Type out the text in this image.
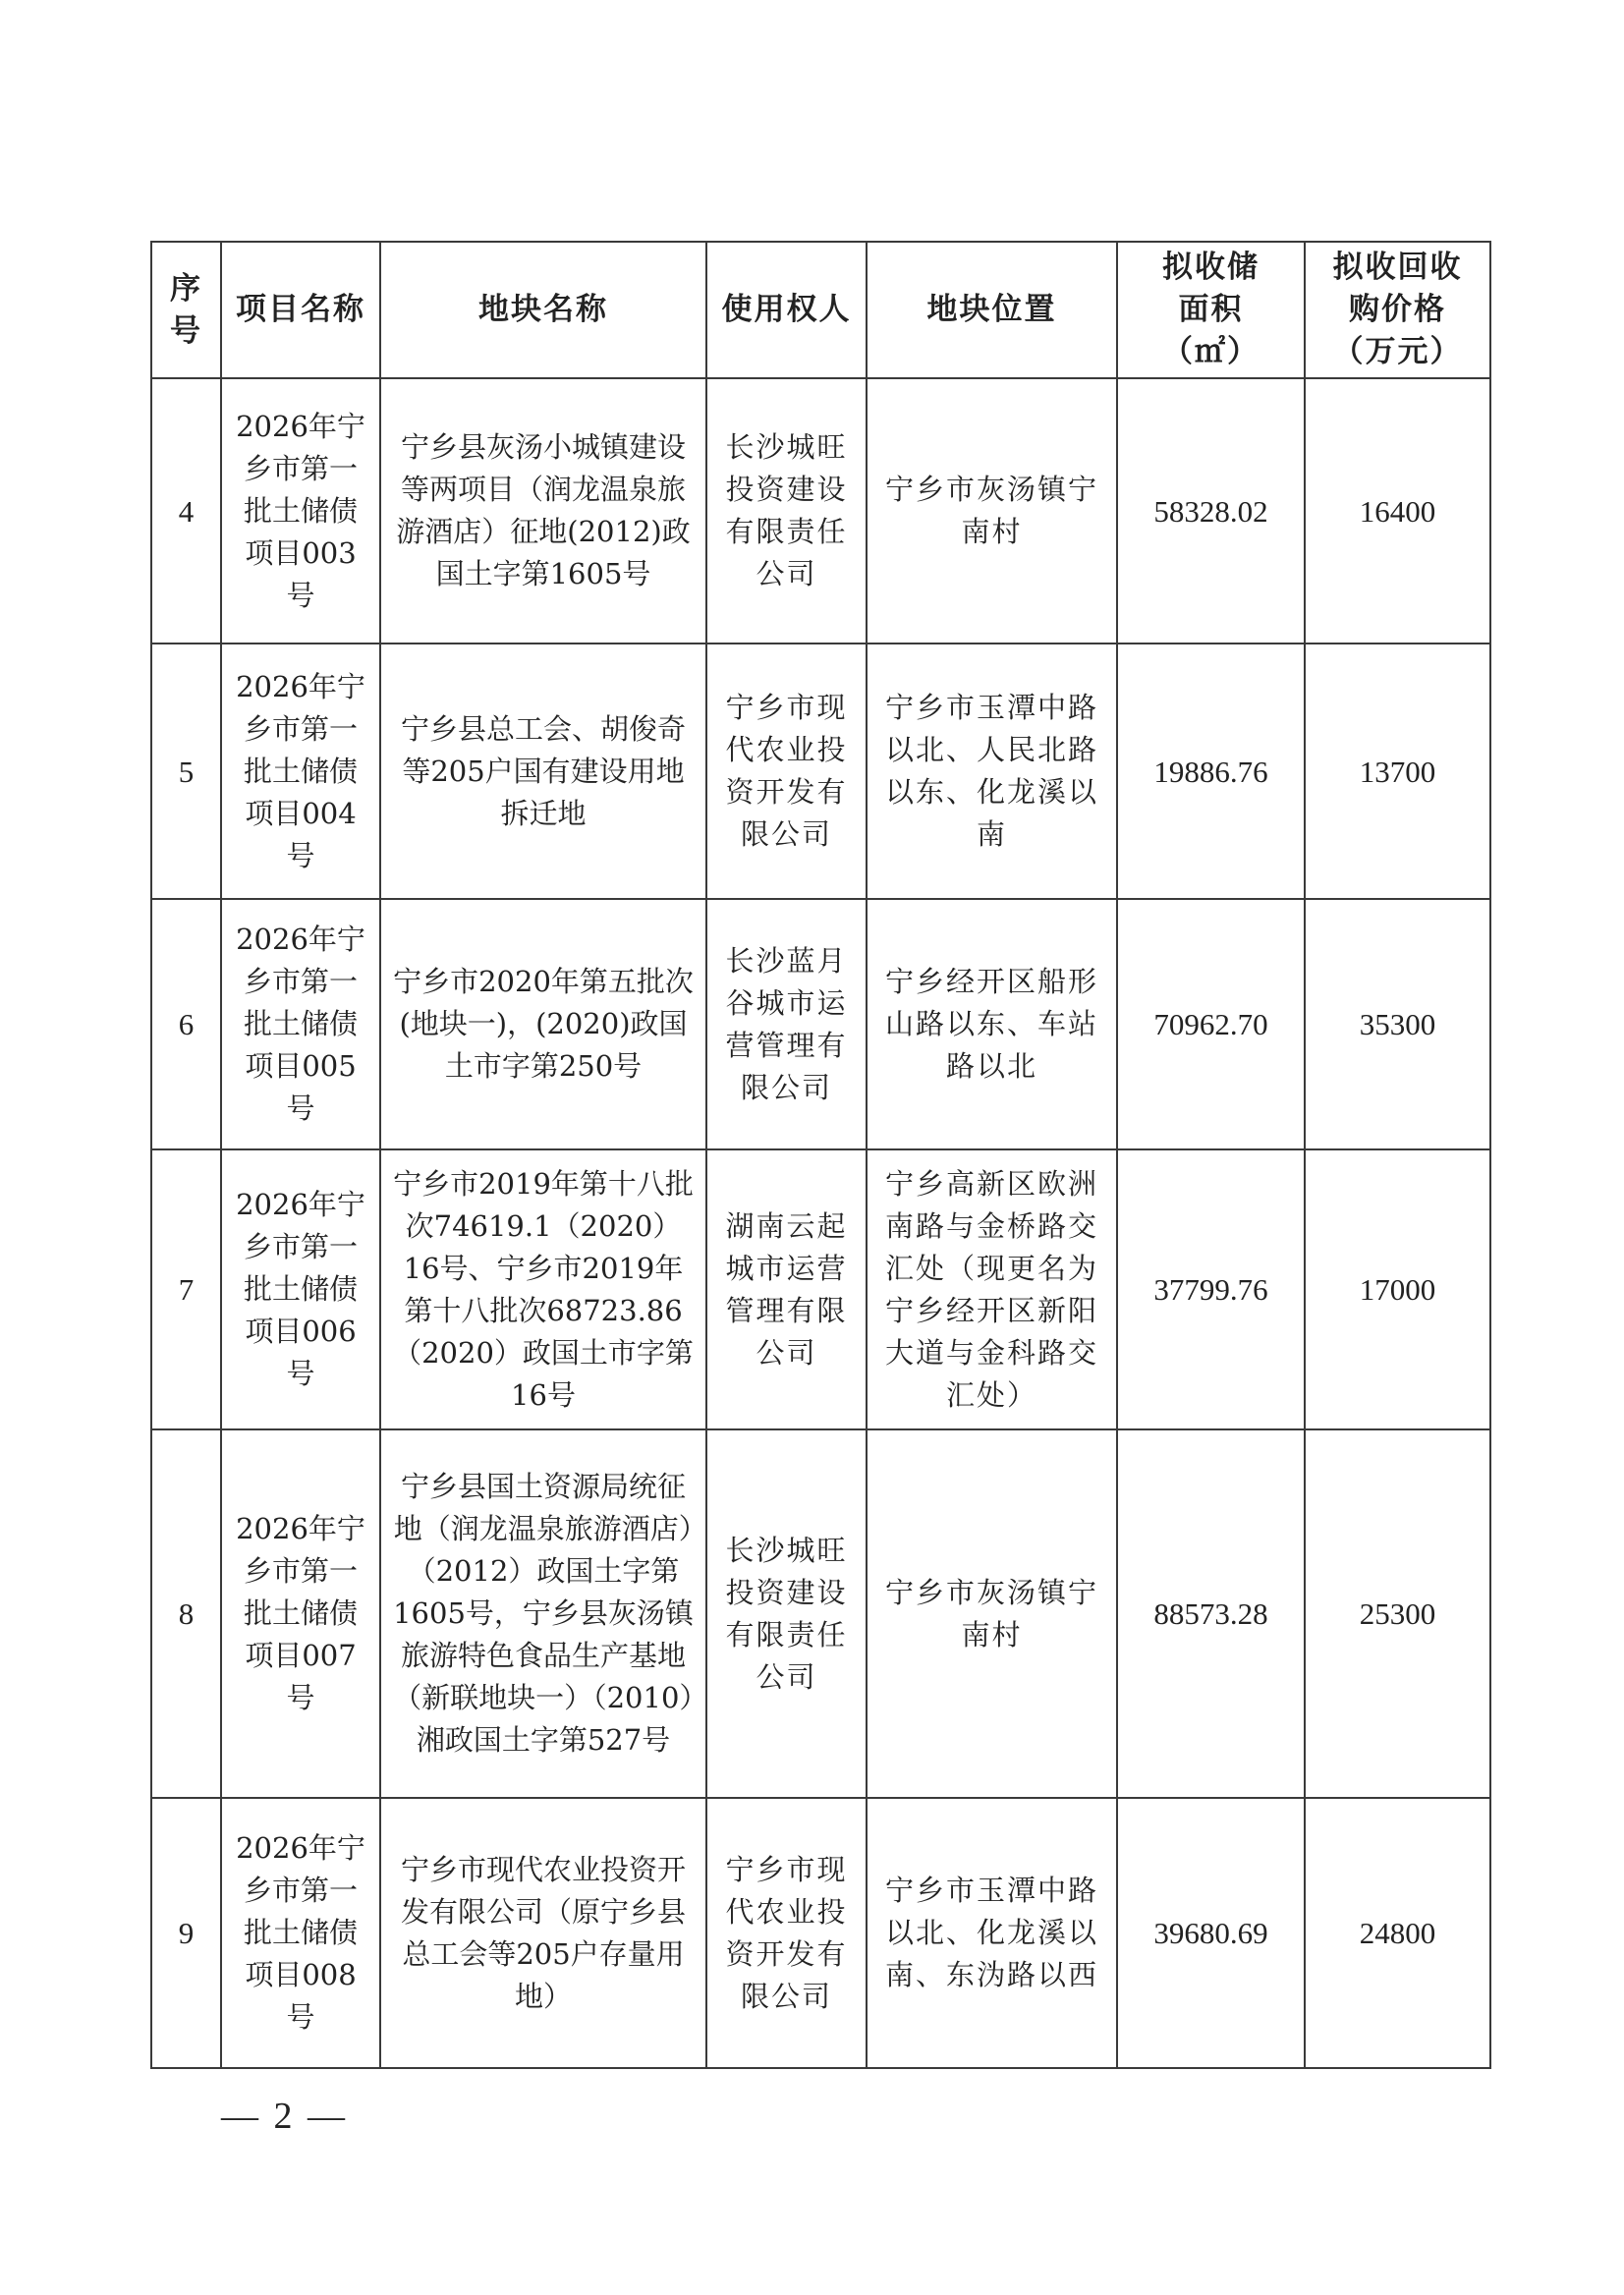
序号	项目名称	地块名称	使用权人	地块位置	拟收储面积（㎡）	拟收回收购价格（万元）

4	2026年宁乡市第一批土储债项目003号	宁乡县灰汤小城镇建设等两项目（润龙温泉旅游酒店）征地(2012)政国土字第1605号	长沙城旺投资建设有限责任公司	宁乡市灰汤镇宁南村	58328.02	16400
5	2026年宁乡市第一批土储债项目004号	宁乡县总工会、胡俊奇等205户国有建设用地拆迁地	宁乡市现代农业投资开发有限公司	宁乡市玉潭中路以北、人民北路以东、化龙溪以南	19886.76	13700
6	2026年宁乡市第一批土储债项目005号	宁乡市2020年第五批次(地块一)，(2020)政国土市字第250号	长沙蓝月谷城市运营管理有限公司	宁乡经开区船形山路以东、车站路以北	70962.70	35300
7	2026年宁乡市第一批土储债项目006号	宁乡市2019年第十八批次74619.1（2020）16号、宁乡市2019年第十八批次68723.86（2020）政国土市字第16号	湖南云起城市运营管理有限公司	宁乡高新区欧洲南路与金桥路交汇处（现更名为宁乡经开区新阳大道与金科路交汇处）	37799.76	17000
8	2026年宁乡市第一批土储债项目007号	宁乡县国土资源局统征地（润龙温泉旅游酒店）（2012）政国土字第1605号，宁乡县灰汤镇旅游特色食品生产基地（新联地块一）（2010）湘政国土字第527号	长沙城旺投资建设有限责任公司	宁乡市灰汤镇宁南村	88573.28	25300
9	2026年宁乡市第一批土储债项目008号	宁乡市现代农业投资开发有限公司（原宁乡县总工会等205户存量用地）	宁乡市现代农业投资开发有限公司	宁乡市玉潭中路以北、化龙溪以南、东沩路以西	39680.69	24800
— 2 —
